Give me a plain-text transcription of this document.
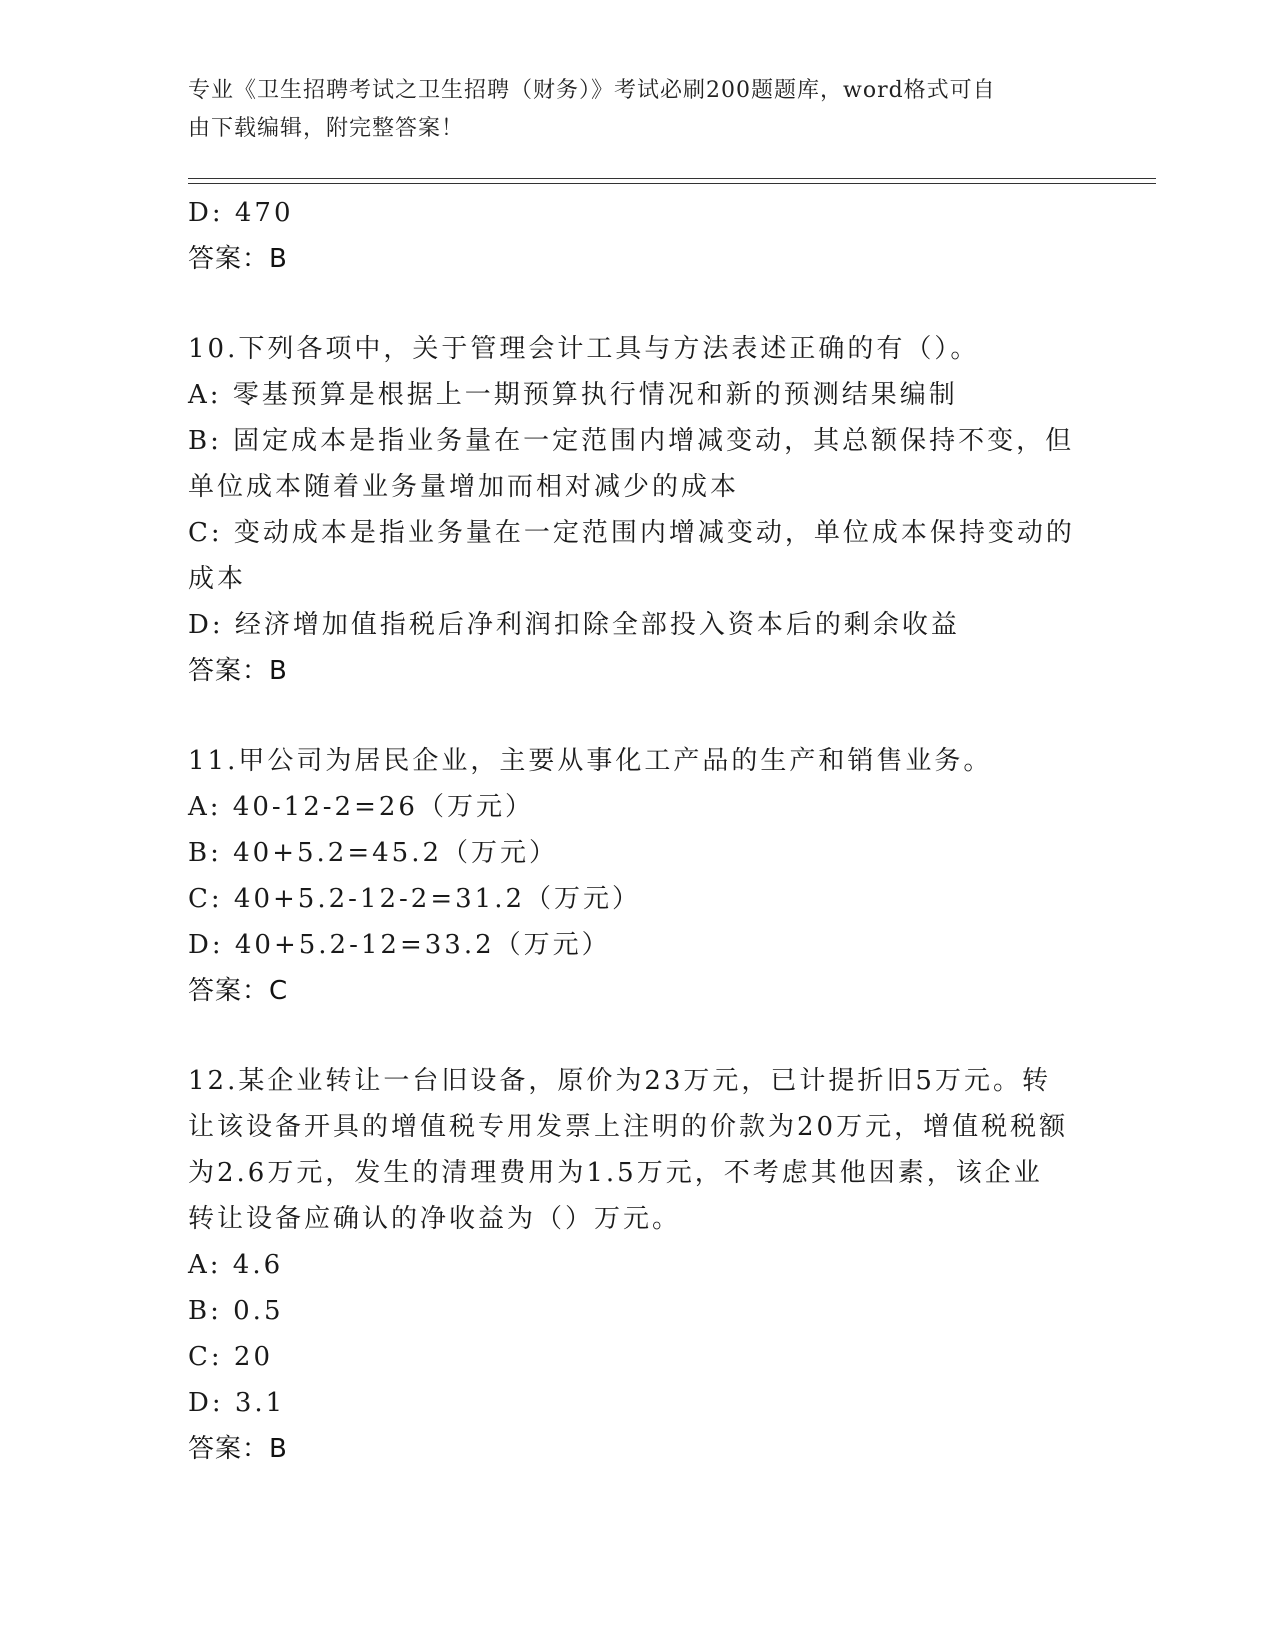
专业《卫生招聘考试之卫生招聘（财务）》考试必刷200题题库，word格式可自
由下载编辑，附完整答案！
D: 470
答案：B
10.下列各项中，关于管理会计工具与方法表述正确的有（）。
A: 零基预算是根据上一期预算执行情况和新的预测结果编制
B: 固定成本是指业务量在一定范围内增减变动，其总额保持不变，但
单位成本随着业务量增加而相对减少的成本
C: 变动成本是指业务量在一定范围内增减变动，单位成本保持变动的
成本
D: 经济增加值指税后净利润扣除全部投入资本后的剩余收益
答案：B
11.甲公司为居民企业，主要从事化工产品的生产和销售业务。
A: 40-12-2=26（万元）
B: 40+5.2=45.2（万元）
C: 40+5.2-12-2=31.2（万元）
D: 40+5.2-12=33.2（万元）
答案：C
12.某企业转让一台旧设备，原价为23万元，已计提折旧5万元。转
让该设备开具的增值税专用发票上注明的价款为20万元，增值税税额
为2.6万元，发生的清理费用为1.5万元，不考虑其他因素，该企业
转让设备应确认的净收益为（）万元。
A: 4.6
B: 0.5
C: 20
D: 3.1
答案：B
